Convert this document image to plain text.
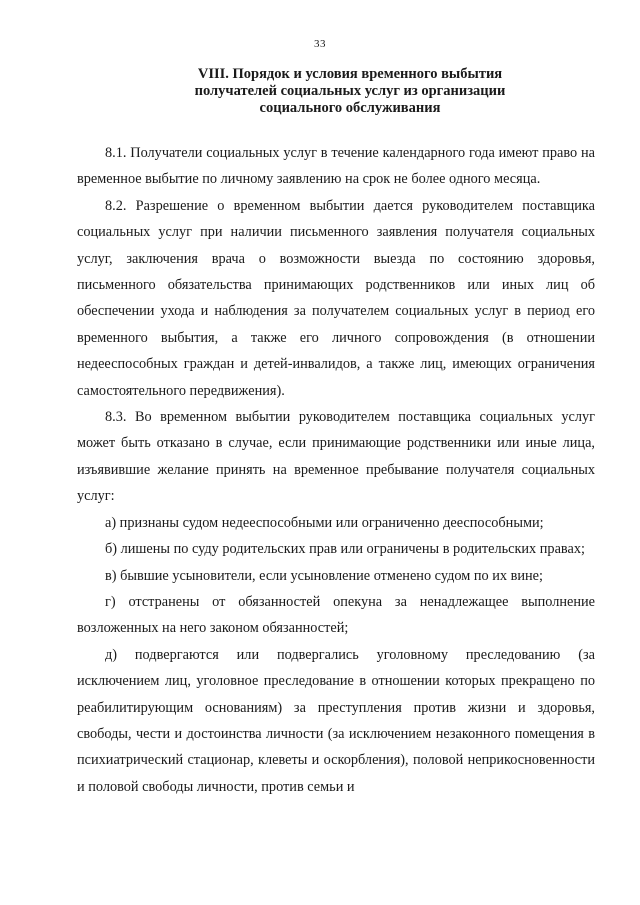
33
VIII. Порядок и условия временного выбытия
получателей социальных услуг из организации
социального обслуживания

8.1. Получатели социальных услуг в течение календарного года имеют право на временное выбытие по личному заявлению на срок не более одного месяца.

8.2. Разрешение о временном выбытии дается руководителем поставщика социальных услуг при наличии письменного заявления получателя социальных услуг, заключения врача о возможности выезда по состоянию здоровья, письменного обязательства принимающих родственников или иных лиц об обеспечении ухода и наблюдения за получателем социальных услуг в период его временного выбытия, а также его личного сопровождения (в отношении недееспособных граждан и детей-инвалидов, а также лиц, имеющих ограничения самостоятельного передвижения).

8.3. Во временном выбытии руководителем поставщика социальных услуг может быть отказано в случае, если принимающие родственники или иные лица, изъявившие желание принять на временное пребывание получателя социальных услуг:

а) признаны судом недееспособными или ограниченно дееспособными;

б) лишены по суду родительских прав или ограничены в родительских правах;

в) бывшие усыновители, если усыновление отменено судом по их вине;

г) отстранены от обязанностей опекуна за ненадлежащее выполнение возложенных на него законом обязанностей;

д) подвергаются или подвергались уголовному преследованию (за исключением лиц, уголовное преследование в отношении которых прекращено по реабилитирующим основаниям) за преступления против жизни и здоровья, свободы, чести и достоинства личности (за исключением незаконного помещения в психиатрический стационар, клеветы и оскорбления), половой неприкосновенности и половой свободы личности, против семьи и
